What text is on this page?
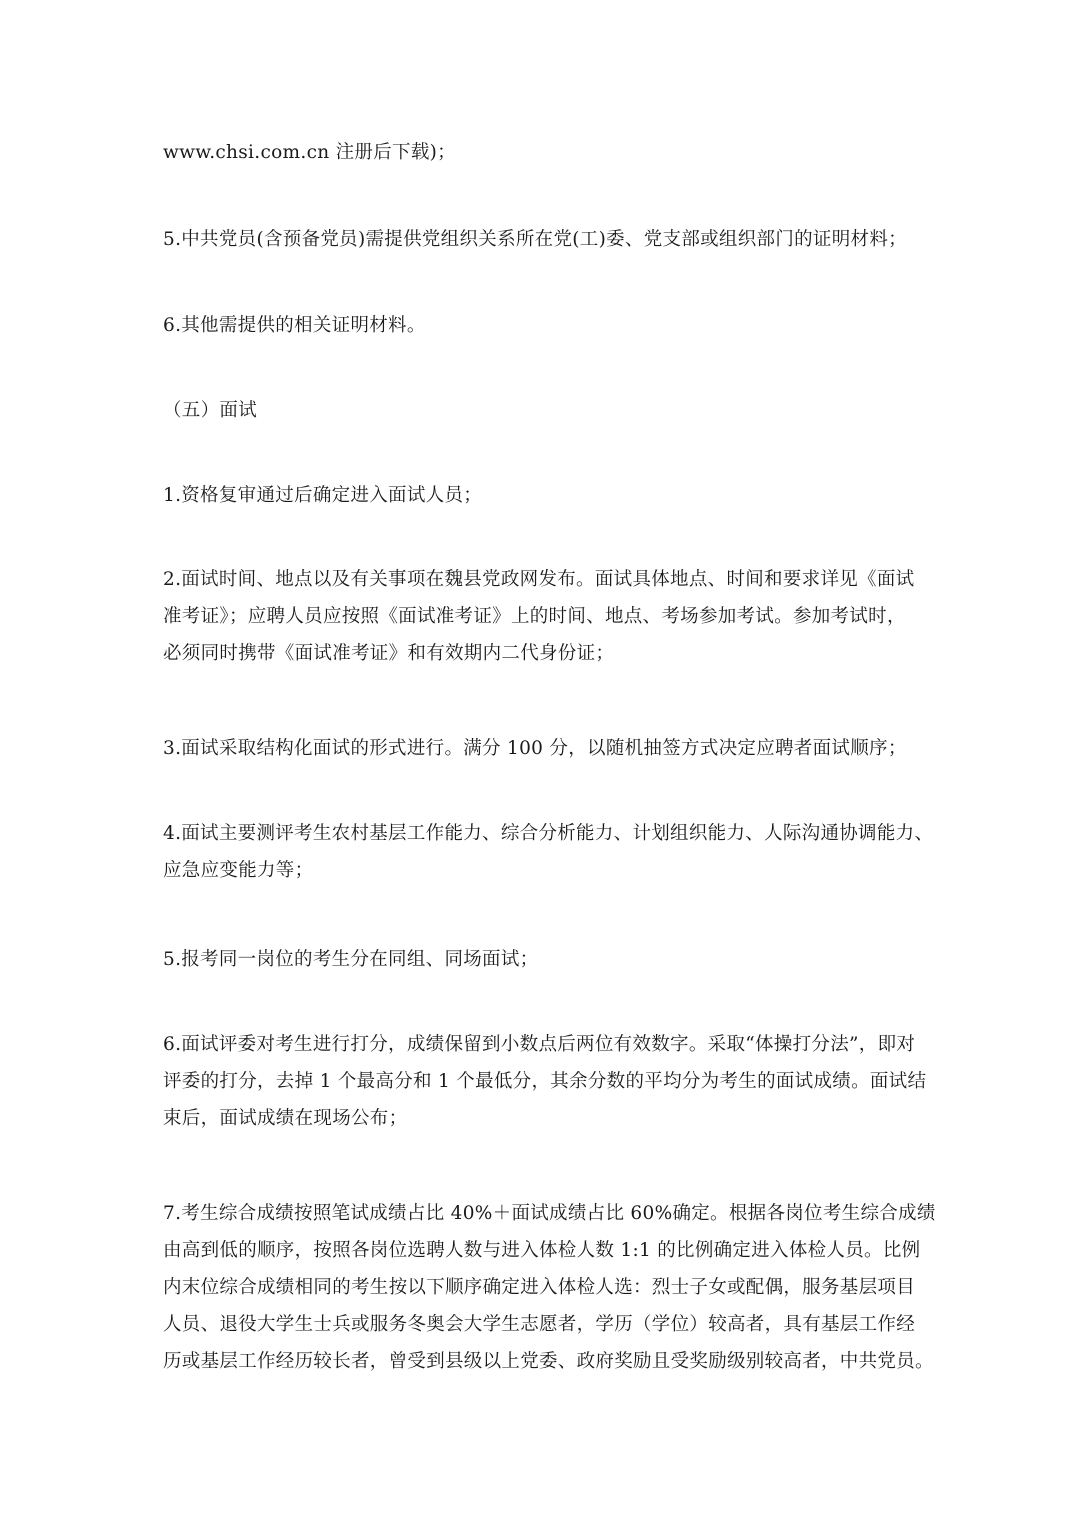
www.chsi.com.cn 注册后下载)；

5.中共党员(含预备党员)需提供党组织关系所在党(工)委、党支部或组织部门的证明材料；

6.其他需提供的相关证明材料。

（五）面试

1.资格复审通过后确定进入面试人员；

2.面试时间、地点以及有关事项在魏县党政网发布。面试具体地点、时间和要求详见《面试
准考证》；应聘人员应按照《面试准考证》上的时间、地点、考场参加考试。参加考试时，
必须同时携带《面试准考证》和有效期内二代身份证；

3.面试采取结构化面试的形式进行。满分 100 分，以随机抽签方式决定应聘者面试顺序；

4.面试主要测评考生农村基层工作能力、综合分析能力、计划组织能力、人际沟通协调能力、
应急应变能力等；

5.报考同一岗位的考生分在同组、同场面试；

6.面试评委对考生进行打分，成绩保留到小数点后两位有效数字。采取“体操打分法”，即对
评委的打分，去掉 1 个最高分和 1 个最低分，其余分数的平均分为考生的面试成绩。面试结
束后，面试成绩在现场公布；

7.考生综合成绩按照笔试成绩占比 40%＋面试成绩占比 60%确定。根据各岗位考生综合成绩
由高到低的顺序，按照各岗位选聘人数与进入体检人数 1:1 的比例确定进入体检人员。比例
内末位综合成绩相同的考生按以下顺序确定进入体检人选：烈士子女或配偶，服务基层项目
人员、退役大学生士兵或服务冬奥会大学生志愿者，学历（学位）较高者，具有基层工作经
历或基层工作经历较长者，曾受到县级以上党委、政府奖励且受奖励级别较高者，中共党员。
